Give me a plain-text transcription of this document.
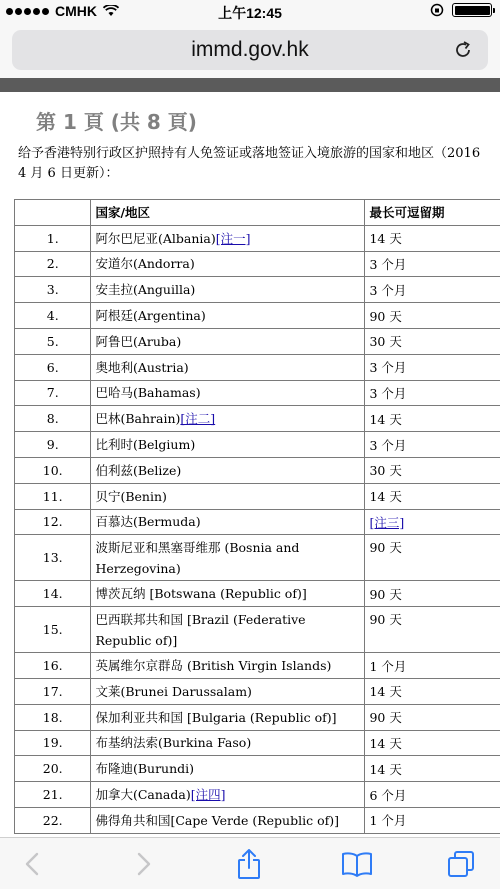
CMHK	上午12:45
immd.gov.hk
第 1 頁 (共 8 頁)
给予香港特别行政区护照持有人免签证或落地签证入境旅游的国家和地区（2016
4 月 6 日更新）：
	国家/地区	最长可逗留期
1.	阿尔巴尼亚(Albania)[注一]	14 天
2.	安道尔(Andorra)	3 个月
3.	安圭拉(Anguilla)	3 个月
4.	阿根廷(Argentina)	90 天
5.	阿鲁巴(Aruba)	30 天
6.	奥地利(Austria)	3 个月
7.	巴哈马(Bahamas)	3 个月
8.	巴林(Bahrain)[注二]	14 天
9.	比利时(Belgium)	3 个月
10.	伯利兹(Belize)	30 天
11.	贝宁(Benin)	14 天
12.	百慕达(Bermuda)	[注三]
13.	波斯尼亚和黑塞哥维那 (Bosnia and Herzegovina)	90 天
14.	博茨瓦纳 [Botswana (Republic of)]	90 天
15.	巴西联邦共和国 [Brazil (Federative Republic of)]	90 天
16.	英属维尔京群岛 (British Virgin Islands)	1 个月
17.	文莱(Brunei Darussalam)	14 天
18.	保加利亚共和国 [Bulgaria (Republic of)]	90 天
19.	布基纳法索(Burkina Faso)	14 天
20.	布隆迪(Burundi)	14 天
21.	加拿大(Canada)[注四]	6 个月
22.	佛得角共和国[Cape Verde (Republic of)]	1 个月
